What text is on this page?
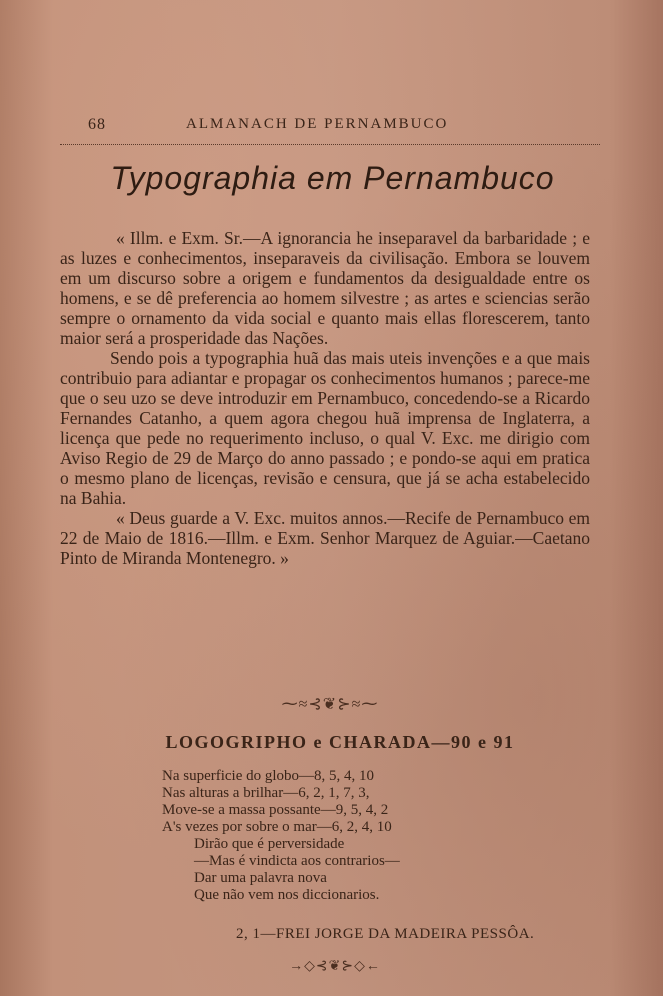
68	ALMANACH DE PERNAMBUCO
Typographia em Pernambuco

« Illm. e Exm. Sr.—A ignorancia he inseparavel da barbaridade ; e as luzes e conhecimentos, inseparaveis da civilisação. Embora se louvem em um discurso sobre a origem e fundamentos da desigualdade entre os homens, e se dê preferencia ao homem silvestre ; as artes e sciencias serão sempre o ornamento da vida social e quanto mais ellas florescerem, tanto maior será a prosperidade das Nações.

Sendo pois a typographia huã das mais uteis invenções e a que mais contribuio para adiantar e propagar os conhecimentos humanos ; parece-me que o seu uzo se deve introduzir em Pernambuco, concedendo-se a Ricardo Fernandes Catanho, a quem agora chegou huã imprensa de Inglaterra, a licença que pede no requerimento incluso, o qual V. Exc. me dirigio com Aviso Regio de 29 de Março do anno passado ; e pondo-se aqui em pratica o mesmo plano de licenças, revisão e censura, que já se acha estabelecido na Bahia.

« Deus guarde a V. Exc. muitos annos.—Recife de Pernambuco em 22 de Maio de 1816.—Illm. e Exm. Senhor Marquez de Aguiar.—Caetano Pinto de Miranda Montenegro. »

⁓≈⊰❦⊱≈⁓
LOGOGRIPHO e CHARADA—90 e 91
Na superficie do globo—8, 5, 4, 10
Nas alturas a brilhar—6, 2, 1, 7, 3,
Move-se a massa possante—9, 5, 4, 2
A's vezes por sobre o mar—6, 2, 4, 10
Dirão que é perversidade
—Mas é vindicta aos contrarios—
Dar uma palavra nova
Que não vem nos diccionarios.
2, 1—FREI JORGE DA MADEIRA PESSÔA.
→◇⊰❦⊱◇←
